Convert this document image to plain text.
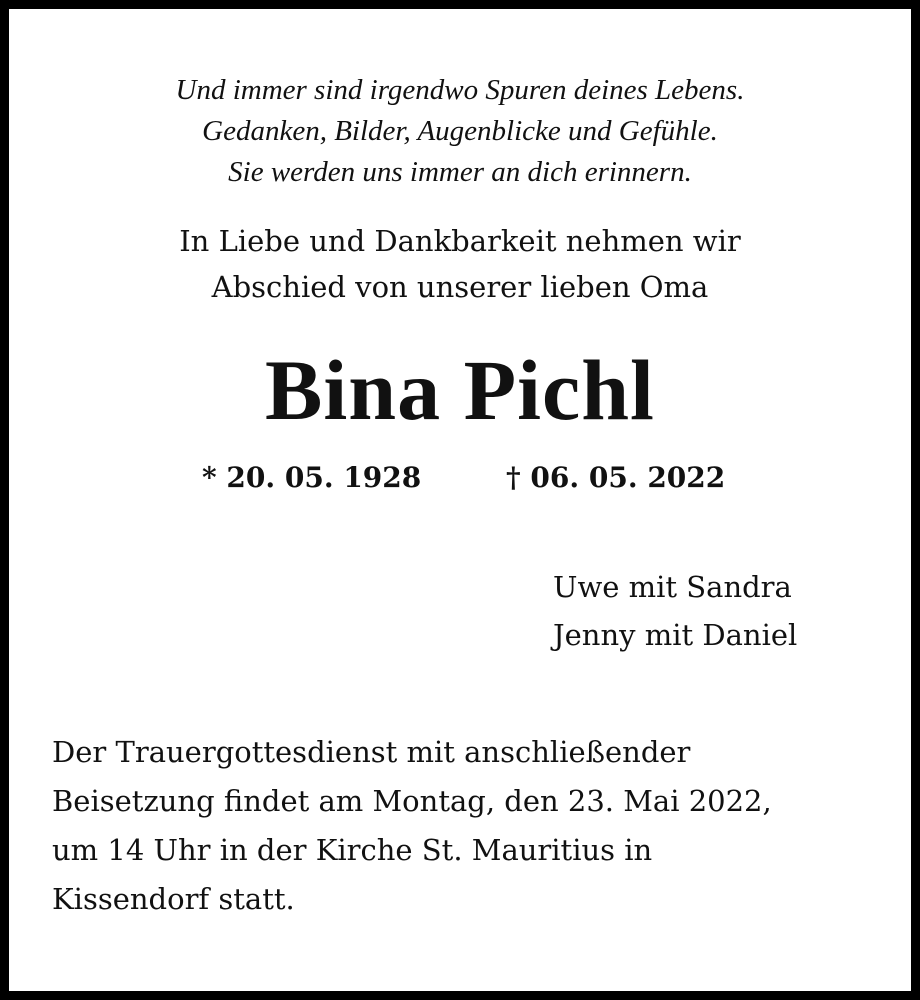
Und immer sind irgendwo Spuren deines Lebens.
Gedanken, Bilder, Augenblicke und Gefühle.
Sie werden uns immer an dich erinnern.
In Liebe und Dankbarkeit nehmen wir
Abschied von unserer lieben Oma
Bina Pichl
* 20. 05. 1928	† 06. 05. 2022
Uwe mit Sandra
Jenny mit Daniel
Der Trauergottesdienst mit anschließender
Beisetzung findet am Montag, den 23. Mai 2022,
um 14 Uhr in der Kirche St. Mauritius in
Kissendorf statt.
